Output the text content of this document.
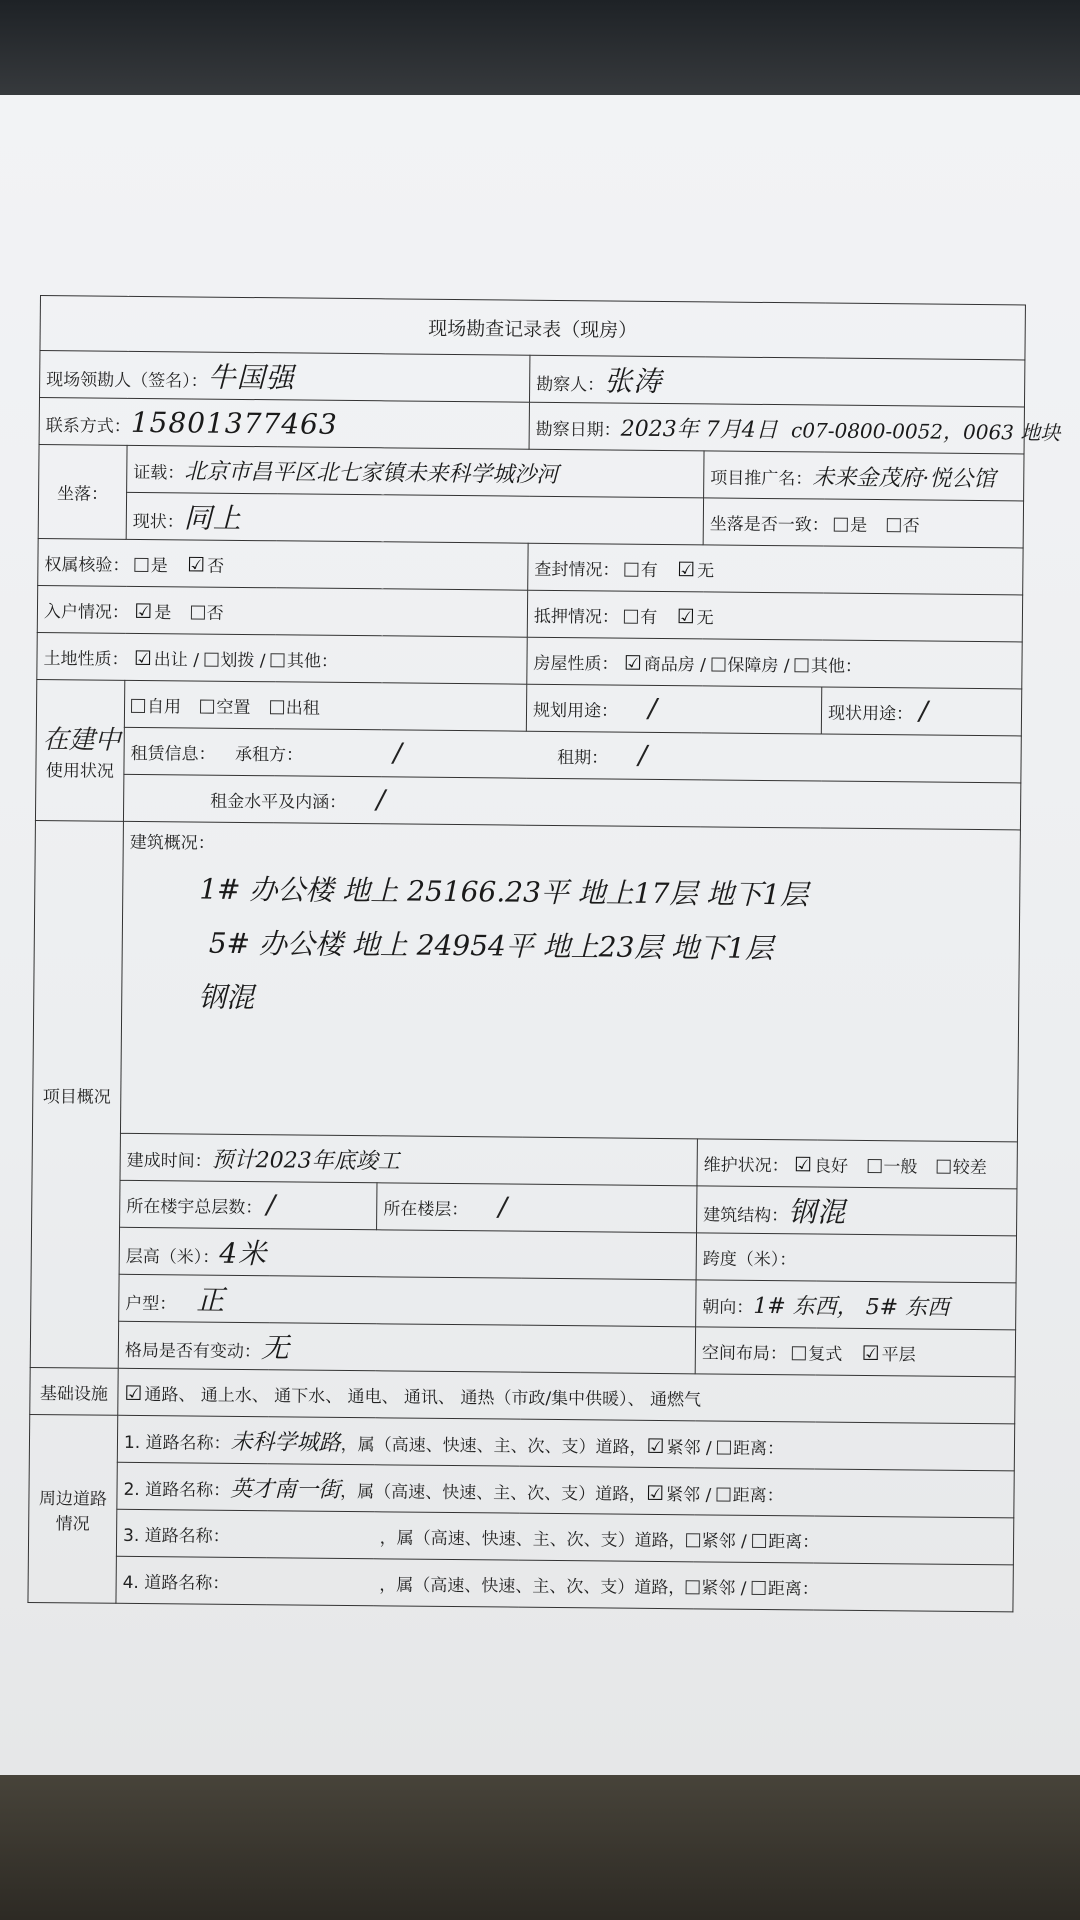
现场勘查记录表（现房）					
现场领勘人（签名）：牛国强			勘察人：张涛		
联系方式：15801377463			勘察日期：2023年 7月4日 c07-0800-0052，0063 地块		
坐落：	证载：北京市昌平区北七家镇未来科学城沙河			项目推广名：未来金茂府·悦公馆	
	现状：同上			坐落是否一致： 是 否	
权属核验： 是 ☑ 否			查封情况： 有 ☑ 无		
入户情况： ☑ 是 否			抵押情况： 有 ☑ 无		
土地性质： ☑ 出让 / 划拨 / 其他：			房屋性质： ☑ 商品房 / 保障房 / 其他：		

在建中
使用状况	自用 空置 出租		规划用途： /		现状用途： /
	租赁信息： 承租方： / 租期： /				
	租金水平及内涵： /				
项目概况	建筑概况：
1# 办公楼 地上 25166.23平 地上17层 地下1层
5# 办公楼 地上 24954平 地上23层 地下1层
钢混				

	建成时间：预计2023年底竣工			维护状况： ☑ 良好 一般 较差	
	所在楼宇总层数： /	所在楼层： /		建筑结构：钢混	
	层高（米）：4米			跨度（米）：	
	户型： 正			朝向：1# 东西， 5# 东西	
	格局是否有变动：无			空间布局： 复式 ☑ 平层	
基础设施	☑ 通路、 通上水、 通下水、 通电、 通讯、 通热（市政/集中供暖）、 通燃气				
周边道路情况	1. 道路名称：未科学城路，属（高速、快速、主、次、支）道路，☑ 紧邻 / 距离：				
	2. 道路名称：英才南一街，属（高速、快速、主、次、支）道路，☑ 紧邻 / 距离：				
	3. 道路名称： ，属（高速、快速、主、次、支）道路， 紧邻 / 距离：				
	4. 道路名称： ，属（高速、快速、主、次、支）道路， 紧邻 / 距离：				
